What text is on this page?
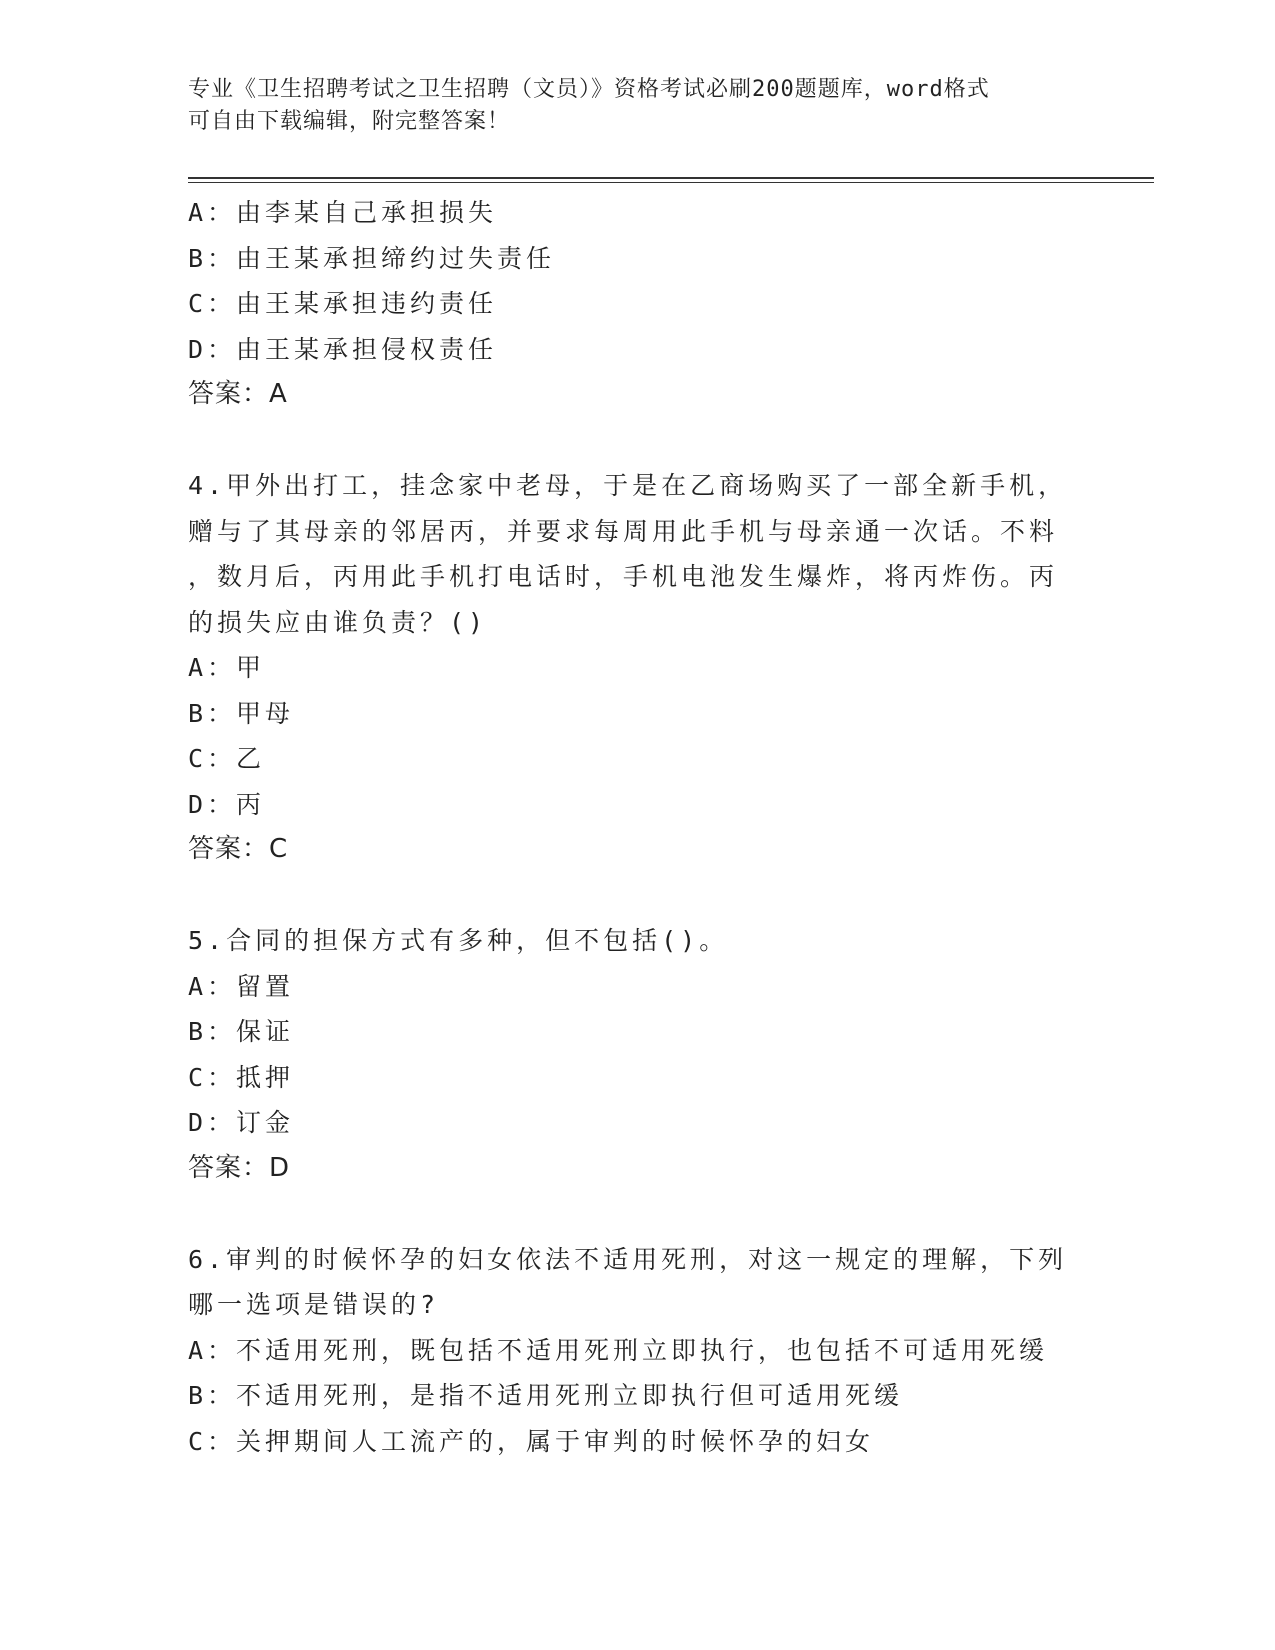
专业《卫生招聘考试之卫生招聘（文员）》资格考试必刷200题题库，word格式
可自由下载编辑，附完整答案！
A：由李某自己承担损失
B：由王某承担缔约过失责任
C：由王某承担违约责任
D：由王某承担侵权责任
答案：A
4.甲外出打工，挂念家中老母，于是在乙商场购买了一部全新手机，
赠与了其母亲的邻居丙，并要求每周用此手机与母亲通一次话。不料
，数月后，丙用此手机打电话时，手机电池发生爆炸，将丙炸伤。丙
的损失应由谁负责？()
A：甲
B：甲母
C：乙
D：丙
答案：C
5.合同的担保方式有多种，但不包括()。
A：留置
B：保证
C：抵押
D：订金
答案：D
6.审判的时候怀孕的妇女依法不适用死刑，对这一规定的理解，下列
哪一选项是错误的?
A：不适用死刑，既包括不适用死刑立即执行，也包括不可适用死缓
B：不适用死刑，是指不适用死刑立即执行但可适用死缓
C：关押期间人工流产的，属于审判的时候怀孕的妇女
